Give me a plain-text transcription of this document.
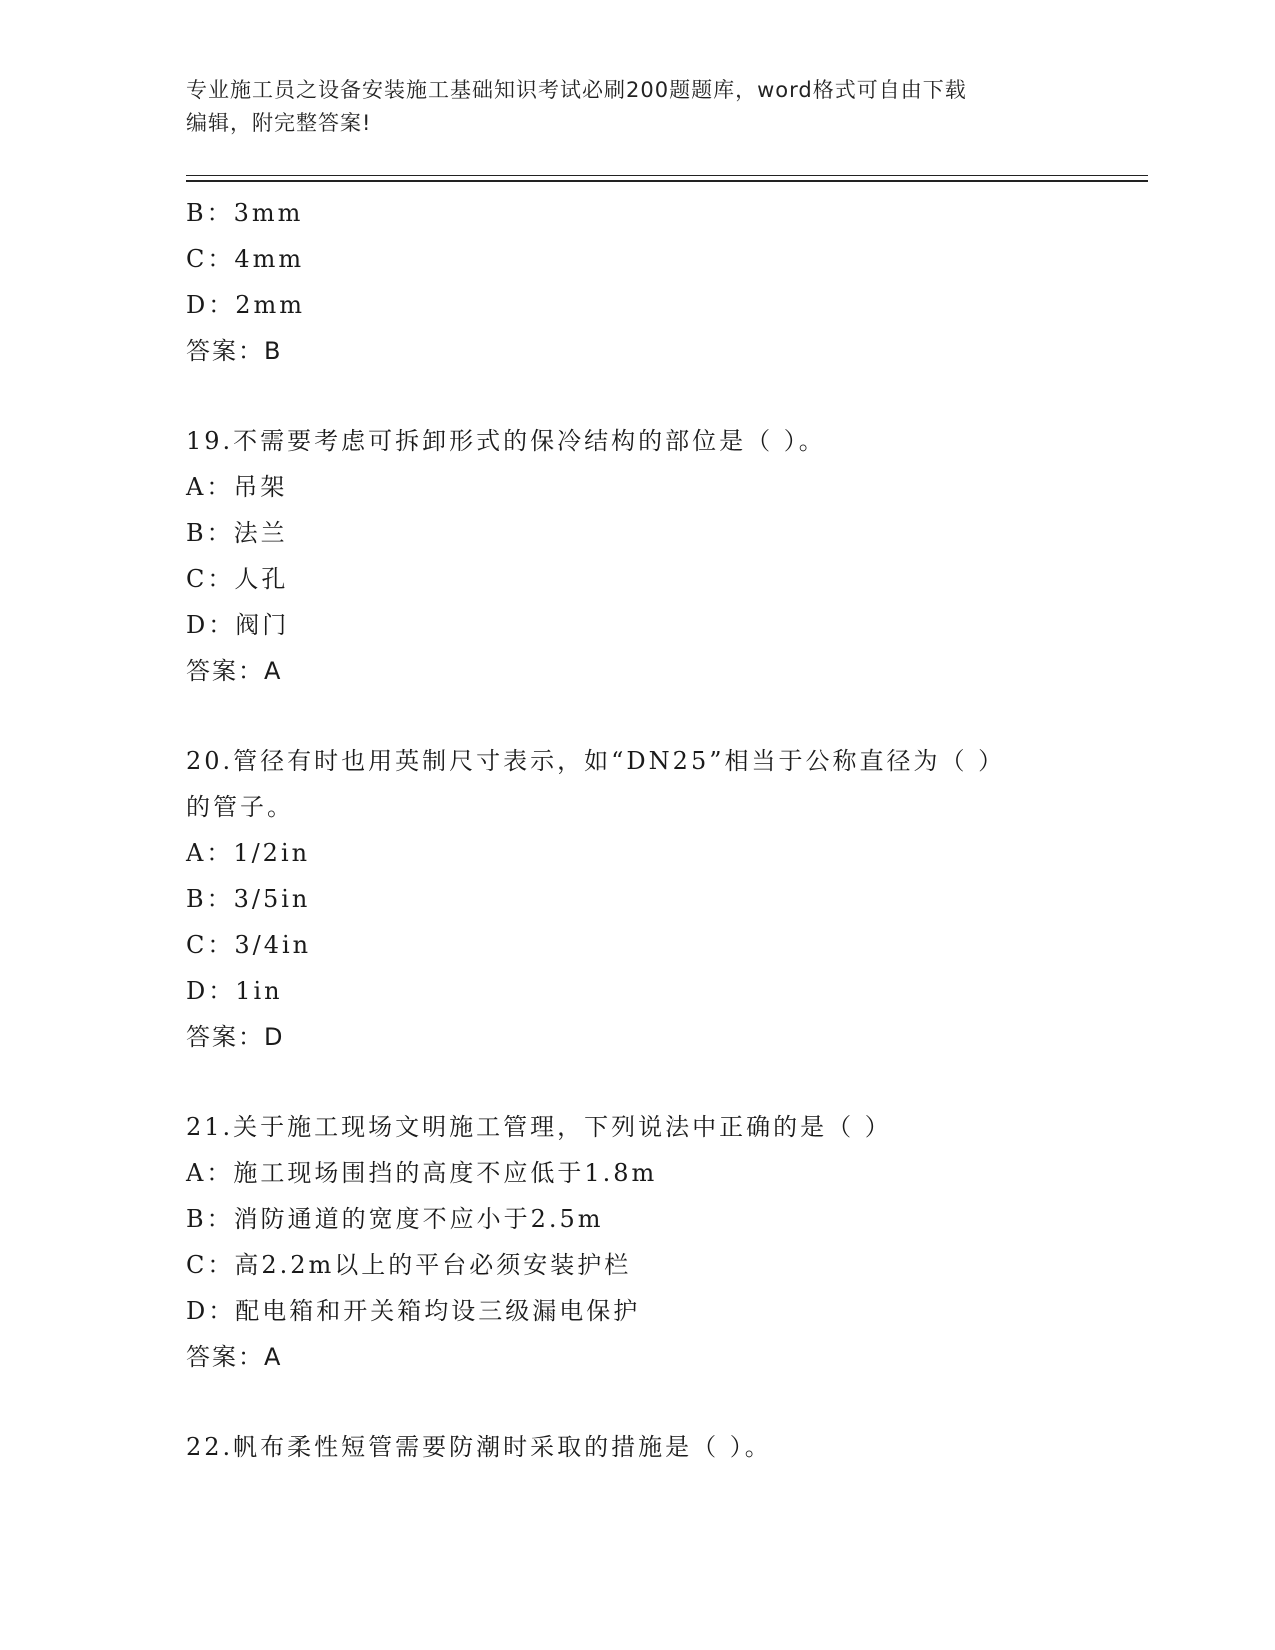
专业施工员之设备安装施工基础知识考试必刷200题题库，word格式可自由下载
编辑，附完整答案!
B：3mm
C：4mm
D：2mm
答案：B
19.不需要考虑可拆卸形式的保冷结构的部位是（ ）。
A：吊架
B：法兰
C：人孔
D：阀门
答案：A
20.管径有时也用英制尺寸表示，如“DN25”相当于公称直径为（ ）
的管子。
A：1/2in
B：3/5in
C：3/4in
D：1in
答案：D
21.关于施工现场文明施工管理，下列说法中正确的是（ ）
A：施工现场围挡的高度不应低于1.8m
B：消防通道的宽度不应小于2.5m
C：高2.2m以上的平台必须安装护栏
D：配电箱和开关箱均设三级漏电保护
答案：A
22.帆布柔性短管需要防潮时采取的措施是（ ）。
